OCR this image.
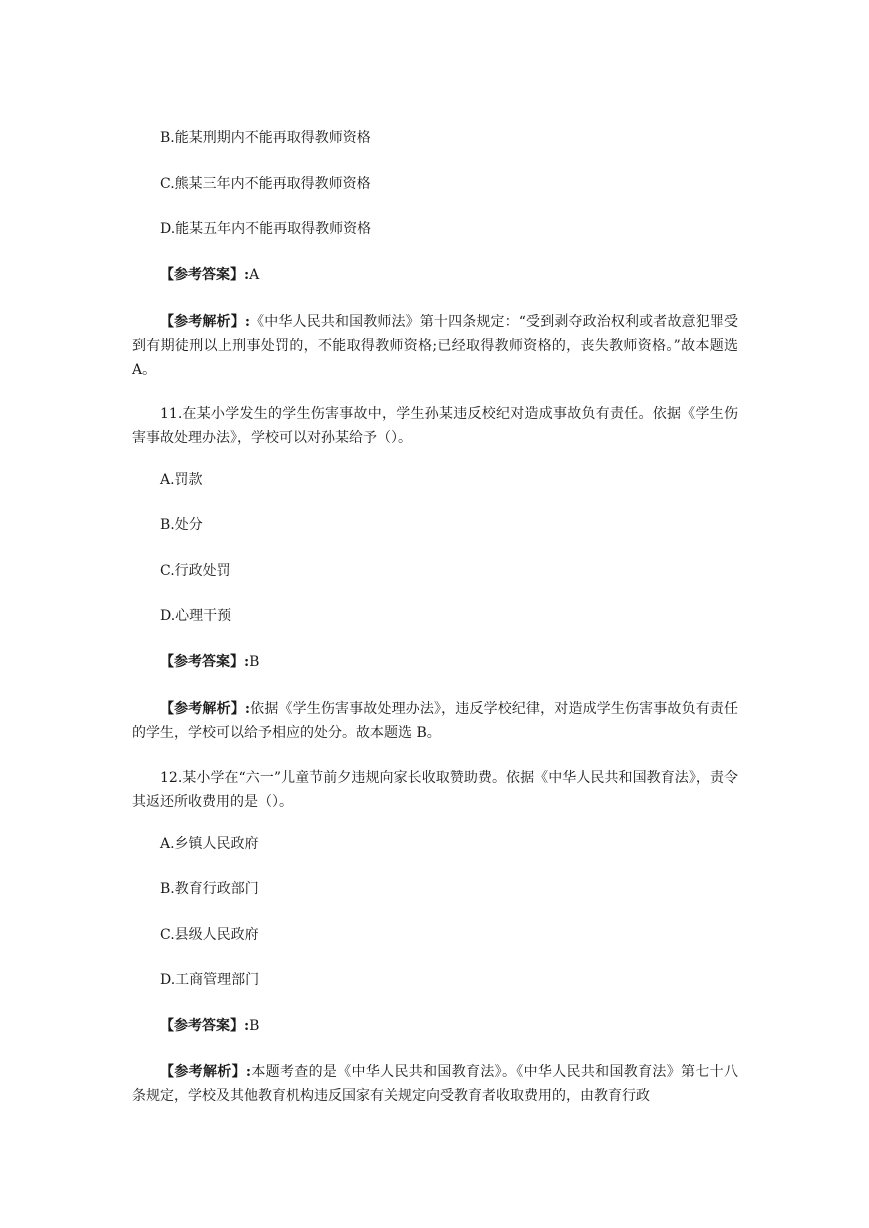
B.能某刑期内不能再取得教师资格

C.熊某三年内不能再取得教师资格

D.能某五年内不能再取得教师资格

【参考答案】:A

【参考解析】:《中华人民共和国教师法》第十四条规定：“受到剥夺政治权利或者故意犯罪受到有期徒刑以上刑事处罚的，不能取得教师资格;已经取得教师资格的，丧失教师资格。”故本题选 A。

11.在某小学发生的学生伤害事故中，学生孙某违反校纪对造成事故负有责任。依据《学生伤害事故处理办法》，学校可以对孙某给予（）。

A.罚款

B.处分

C.行政处罚

D.心理干预

【参考答案】:B

【参考解析】:依据《学生伤害事故处理办法》，违反学校纪律，对造成学生伤害事故负有责任的学生，学校可以给予相应的处分。故本题选 B。

12.某小学在“六一”儿童节前夕违规向家长收取赞助费。依据《中华人民共和国教育法》，责令其返还所收费用的是（）。

A.乡镇人民政府

B.教育行政部门

C.县级人民政府

D.工商管理部门

【参考答案】:B

【参考解析】:本题考查的是《中华人民共和国教育法》。《中华人民共和国教育法》第七十八条规定，学校及其他教育机构违反国家有关规定向受教育者收取费用的，由教育行政
